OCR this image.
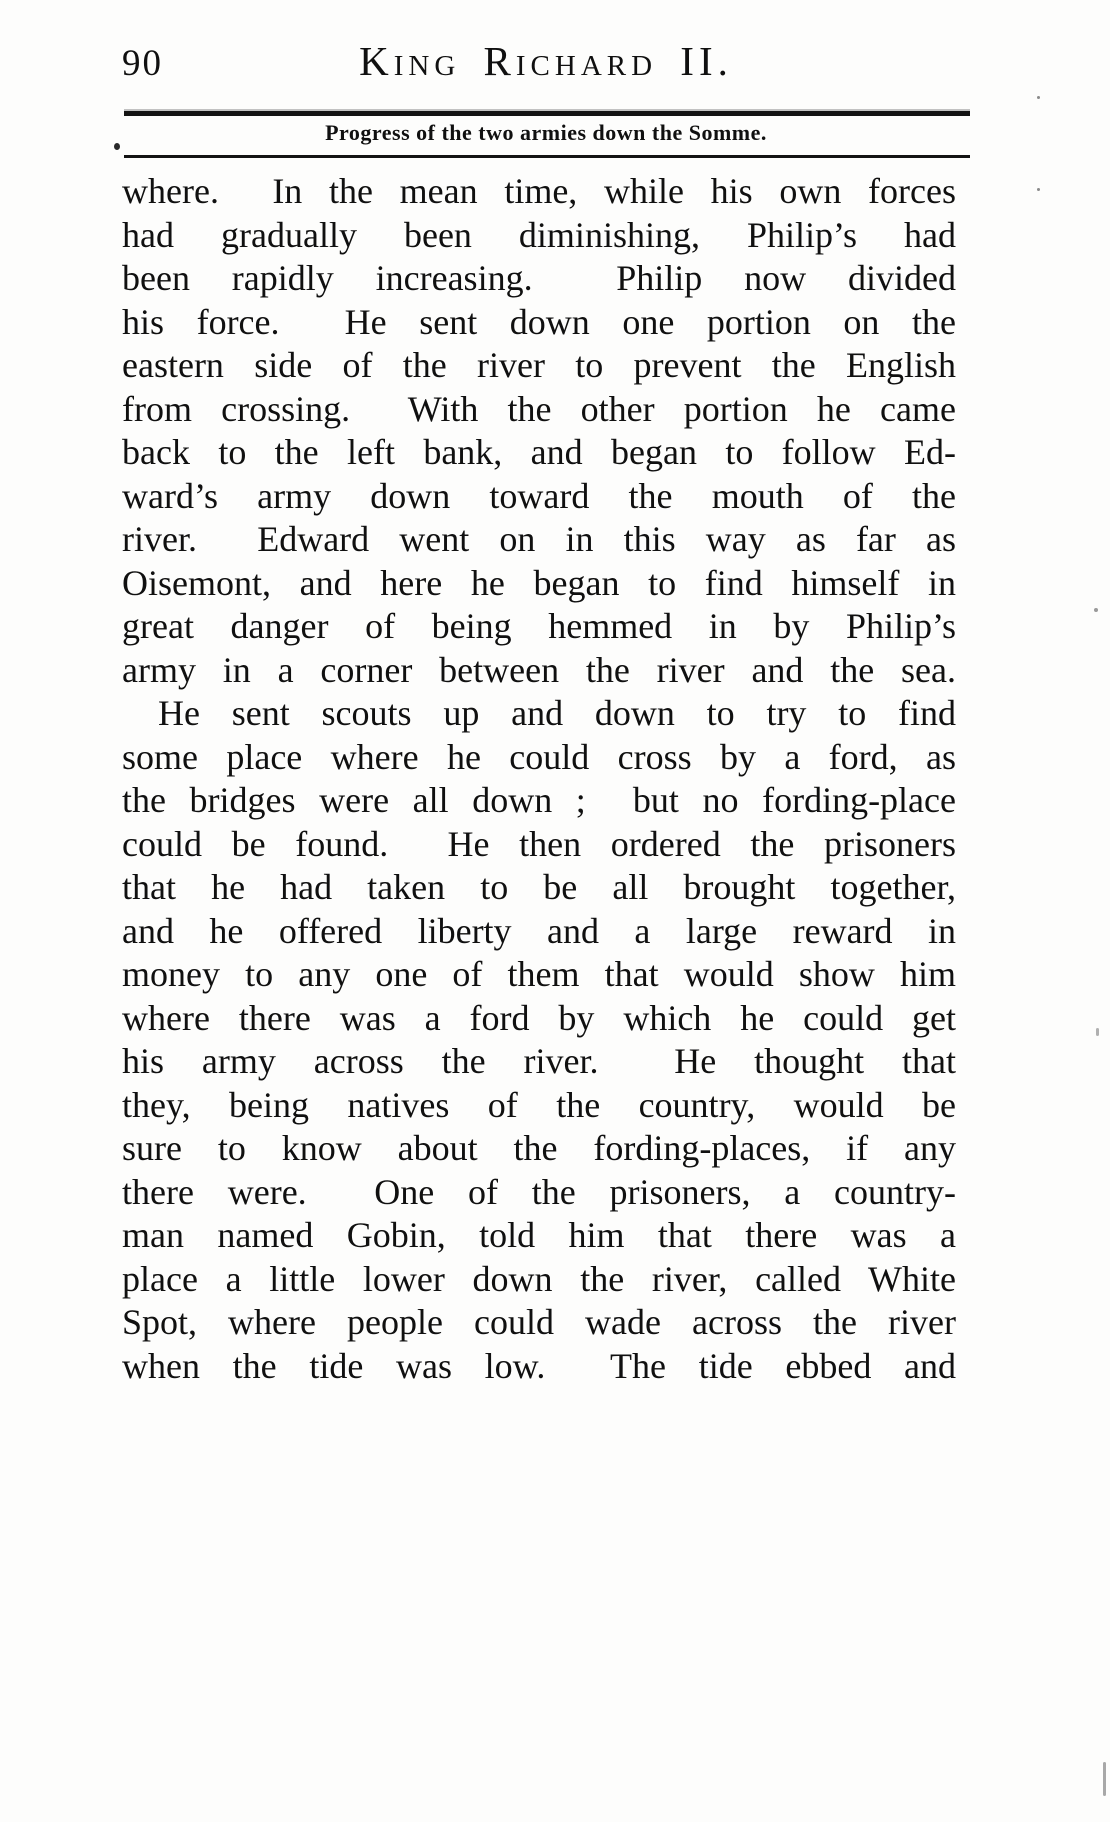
90	King Richard II.
Progress of the two armies down the Somme.
where.  In the mean time, while his own forces
had gradually been diminishing, Philip’s had
been rapidly increasing.  Philip now divided
his force.  He sent down one portion on the
eastern side of the river to prevent the English
from crossing.  With the other portion he came
back to the left bank, and began to follow Ed-
ward’s army down toward the mouth of the
river.  Edward went on in this way as far as
Oisemont, and here he began to find himself in
great danger of being hemmed in by Philip’s
army in a corner between the river and the sea.
He sent scouts up and down to try to find
some place where he could cross by a ford, as
the bridges were all down ;  but no fording-place
could be found.  He then ordered the prisoners
that he had taken to be all brought together,
and he offered liberty and a large reward in
money to any one of them that would show him
where there was a ford by which he could get
his army across the river.  He thought that
they, being natives of the country, would be
sure to know about the fording-places, if any
there were.  One of the prisoners, a country-
man named Gobin, told him that there was a
place a little lower down the river, called White
Spot, where people could wade across the river
when the tide was low.  The tide ebbed and
